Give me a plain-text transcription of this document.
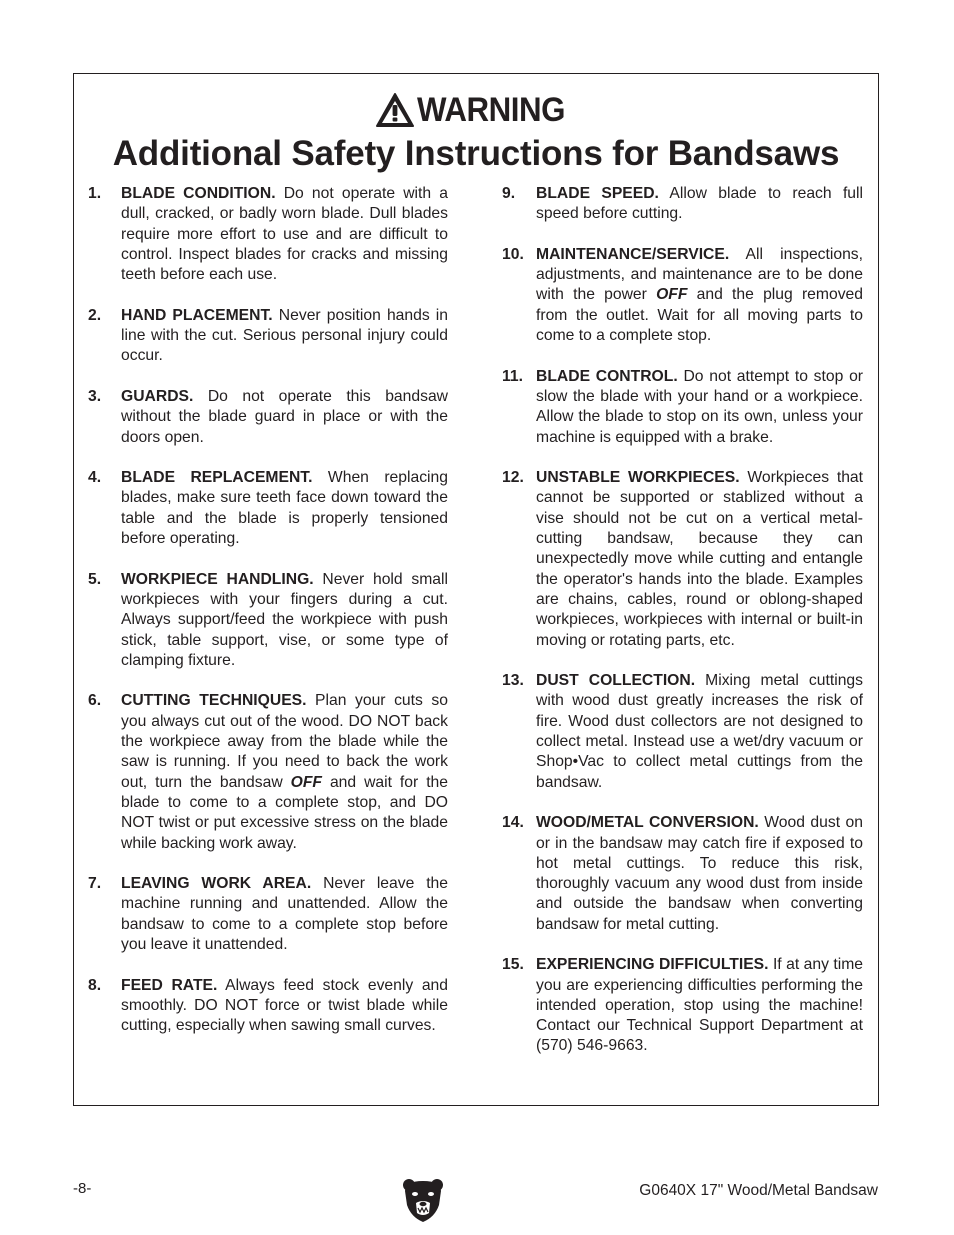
WARNING
Additional Safety Instructions for Bandsaws
1.	BLADE CONDITION. Do not operate with a dull, cracked, or badly worn blade. Dull blades require more effort to use and are difficult to control. Inspect blades for cracks and missing teeth before each use.
2.	HAND PLACEMENT. Never position hands in line with the cut. Serious personal injury could occur.
3.	GUARDS. Do not operate this bandsaw without the blade guard in place or with the doors open.
4.	BLADE REPLACEMENT. When replacing blades, make sure teeth face down toward the table and the blade is properly tensioned before operating.
5.	WORKPIECE HANDLING. Never hold small workpieces with your fingers during a cut. Always support/feed the workpiece with push stick, table support, vise, or some type of clamping fixture.
6.	CUTTING TECHNIQUES. Plan your cuts so you always cut out of the wood. DO NOT back the workpiece away from the blade while the saw is running. If you need to back the work out, turn the bandsaw OFF and wait for the blade to come to a complete stop, and DO NOT twist or put excessive stress on the blade while backing work away.
7.	LEAVING WORK AREA. Never leave the machine running and unattended. Allow the bandsaw to come to a complete stop before you leave it unattended.
8.	FEED RATE. Always feed stock evenly and smoothly. DO NOT force or twist blade while cutting, especially when sawing small curves.
9.	BLADE SPEED. Allow blade to reach full speed before cutting.
10. MAINTENANCE/SERVICE. All inspections, adjustments, and maintenance are to be done with the power OFF and the plug removed from the outlet. Wait for all moving parts to come to a complete stop.
11. BLADE CONTROL. Do not attempt to stop or slow the blade with your hand or a workpiece. Allow the blade to stop on its own, unless your machine is equipped with a brake.
12. UNSTABLE WORKPIECES. Workpieces that cannot be supported or stablized without a vise should not be cut on a vertical metal-cutting bandsaw, because they can unexpectedly move while cutting and entangle the operator's hands into the blade. Examples are chains, cables, round or oblong-shaped workpieces, workpieces with internal or built-in moving or rotating parts, etc.
13. DUST COLLECTION. Mixing metal cuttings with wood dust greatly increases the risk of fire. Wood dust collectors are not designed to collect metal. Instead use a wet/dry vacuum or Shop•Vac to collect metal cuttings from the bandsaw.
14. WOOD/METAL CONVERSION. Wood dust on or in the bandsaw may catch fire if exposed to hot metal cuttings. To reduce this risk, thoroughly vacuum any wood dust from inside and outside the bandsaw when converting bandsaw for metal cutting.
15. EXPERIENCING DIFFICULTIES. If at any time you are experiencing difficulties performing the intended operation, stop using the machine! Contact our Technical Support Department at (570) 546-9663.
-8-	G0640X 17" Wood/Metal Bandsaw
